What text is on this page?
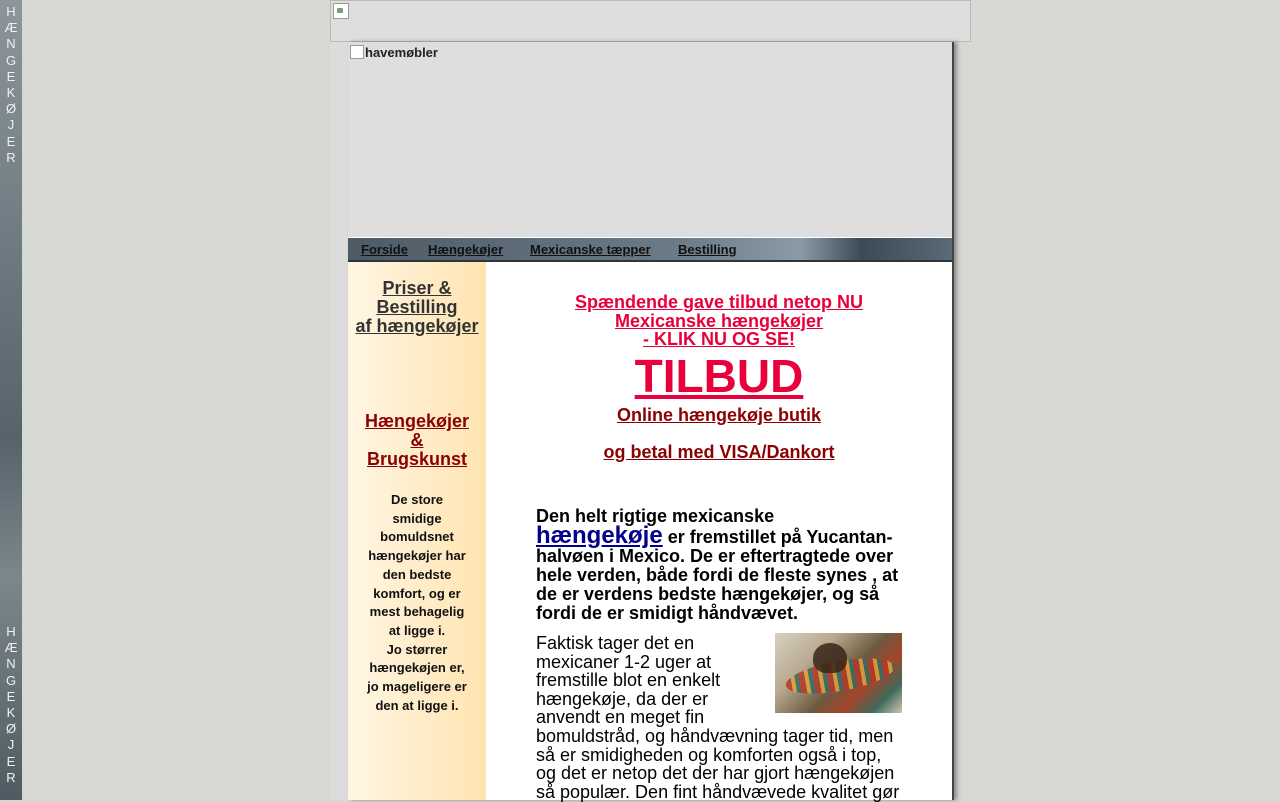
H
Æ
N
G
E
K
Ø
J
E
R
H
Æ
N
G
E
K
Ø
J
E
R
havemøbler
Forside Hængekøjer Mexicanske tæpper Bestilling
Priser &
Bestilling
af hængekøjer
Hængekøjer
&
Brugskunst
De store
smidige
bomuldsnet
hængekøjer har
den bedste
komfort, og er
mest behagelig
at ligge i.
Jo størrer
hængekøjen er,
jo mageligere er
den at ligge i.
Spændende gave tilbud netop NU
Mexicanske hængekøjer
- KLIK NU OG SE!
TILBUD
Online hængekøje butik
og betal med VISA/Dankort
Den helt rigtige mexicanske hængekøje er fremstillet på Yucantan-halvøen i Mexico. De er eftertragtede over hele verden, både fordi de fleste synes , at de er verdens bedste hængekøjer, og så fordi de er smidigt håndvævet.
Faktisk tager det en mexicaner 1-2 uger at fremstille blot en enkelt hængekøje, da der er anvendt en meget fin bomuldstråd, og håndvævning tager tid, men så er smidigheden og komforten også i top, og det er netop det der har gjort hængekøjen så populær. Den fint håndvævede kvalitet gør
